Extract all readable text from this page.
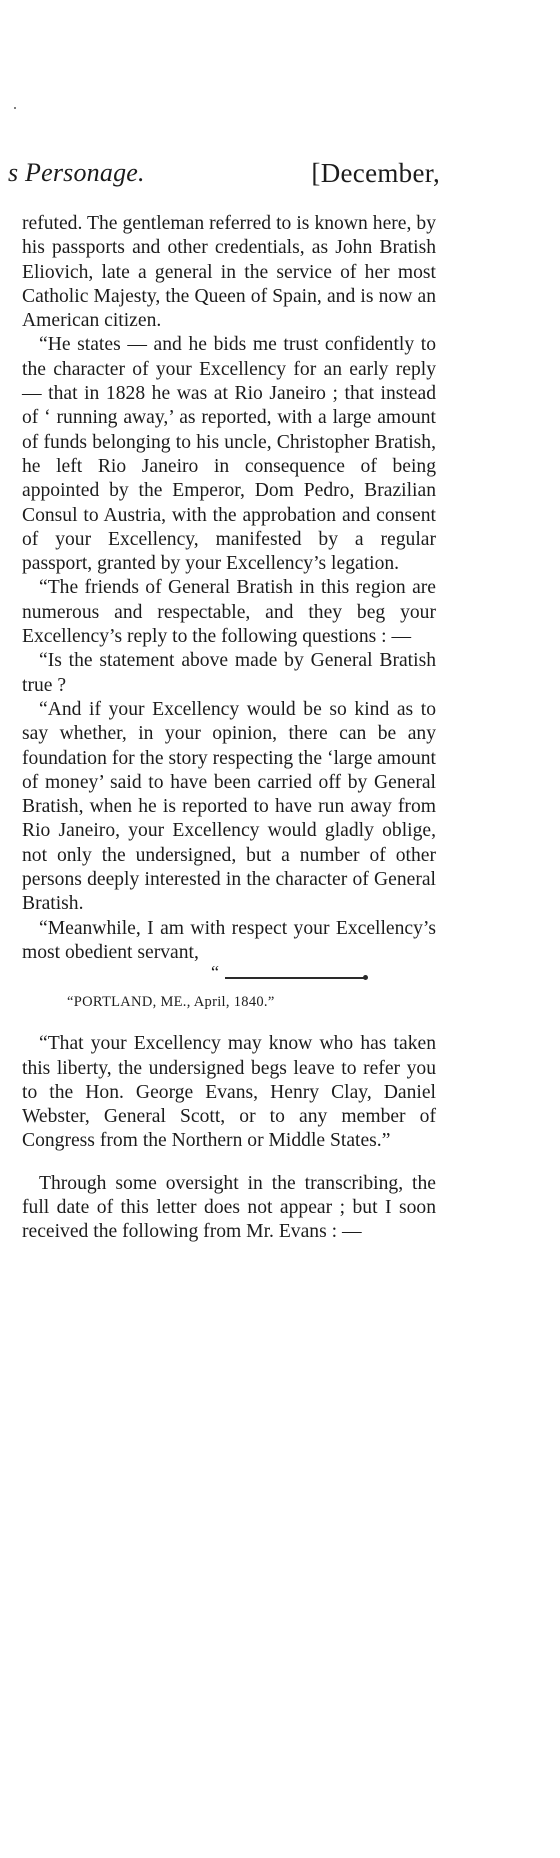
s Personage.	[December,

refuted. The gentleman referred to is known here, by his passports and other credentials, as John Bratish Eliovich, late a general in the service of her most Catholic Majesty, the Queen of Spain, and is now an American citizen.

“He states — and he bids me trust confidently to the character of your Excellency for an early reply — that in 1828 he was at Rio Janeiro ; that instead of ‘ running away,’ as reported, with a large amount of funds belonging to his uncle, Christopher Bratish, he left Rio Janeiro in consequence of being appointed by the Emperor, Dom Pedro, Brazilian Consul to Austria, with the approbation and consent of your Excellency, manifested by a regular passport, granted by your Excellency’s legation.

“The friends of General Bratish in this region are numerous and respectable, and they beg your Excellency’s reply to the following questions : —

“Is the statement above made by General Bratish true ?

“And if your Excellency would be so kind as to say whether, in your opinion, there can be any foundation for the story respecting the ‘large amount of money’ said to have been carried off by General Bratish, when he is reported to have run away from Rio Janeiro, your Excellency would gladly oblige, not only the undersigned, but a number of other persons deeply interested in the character of General Bratish.

“Meanwhile, I am with respect your Excellency’s most obedient servant,

“
“PORTLAND, ME., April, 1840.”

“That your Excellency may know who has taken this liberty, the undersigned begs leave to refer you to the Hon. George Evans, Henry Clay, Daniel Webster, General Scott, or to any member of Congress from the Northern or Middle States.”

Through some oversight in the transcribing, the full date of this letter does not appear ; but I soon received the following from Mr. Evans : —
